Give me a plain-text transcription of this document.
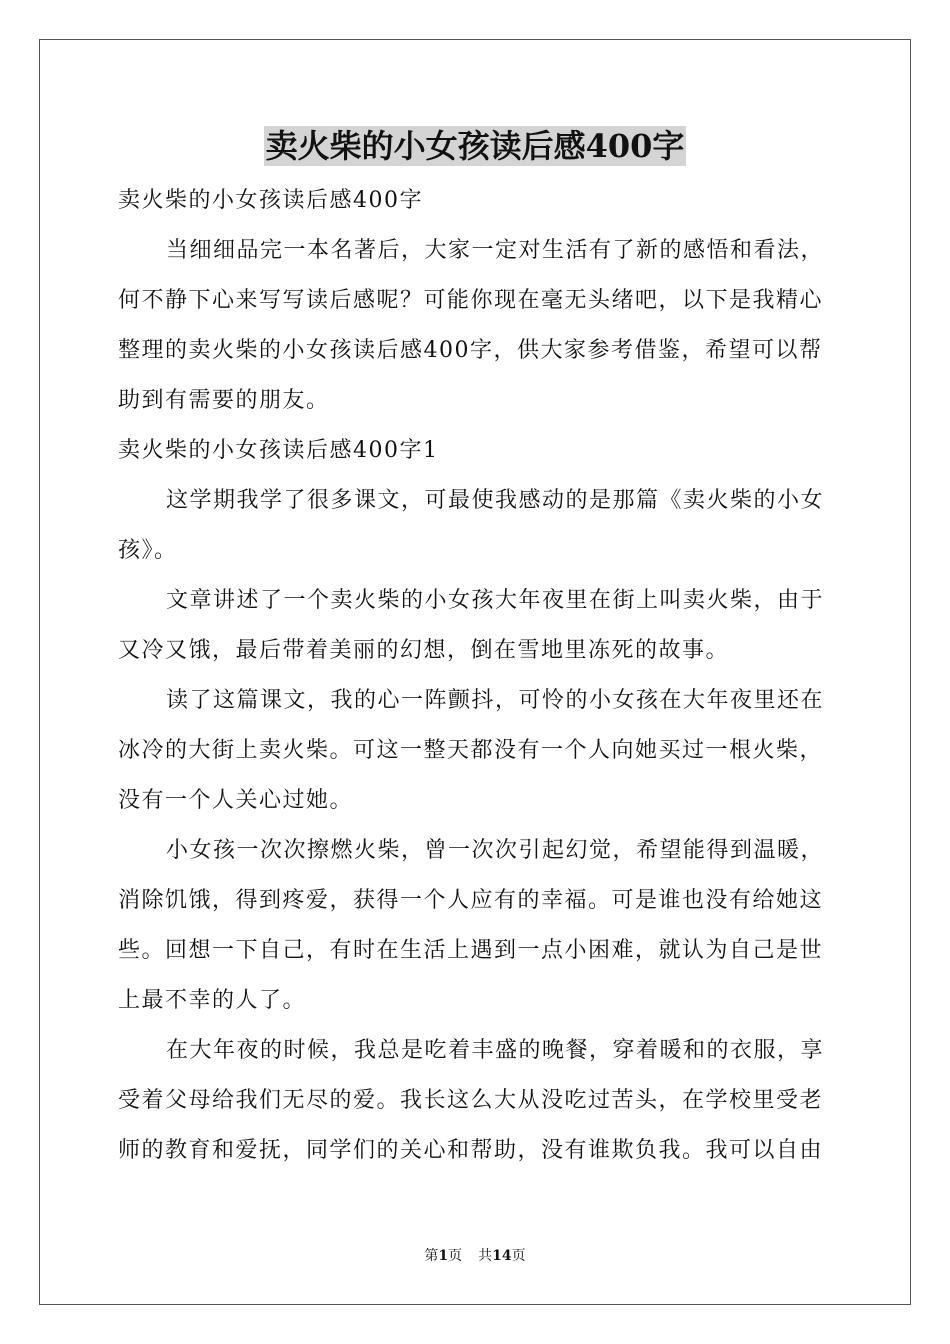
卖火柴的小女孩读后感400字
卖火柴的小女孩读后感400字
当细细品完一本名著后，大家一定对生活有了新的感悟和看法，
何不静下心来写写读后感呢？可能你现在毫无头绪吧，以下是我精心
整理的卖火柴的小女孩读后感400字，供大家参考借鉴，希望可以帮
助到有需要的朋友。
卖火柴的小女孩读后感400字1
这学期我学了很多课文，可最使我感动的是那篇《卖火柴的小女
孩》。
文章讲述了一个卖火柴的小女孩大年夜里在街上叫卖火柴，由于
又冷又饿，最后带着美丽的幻想，倒在雪地里冻死的故事。
读了这篇课文，我的心一阵颤抖，可怜的小女孩在大年夜里还在
冰冷的大街上卖火柴。可这一整天都没有一个人向她买过一根火柴，
没有一个人关心过她。
小女孩一次次擦燃火柴，曾一次次引起幻觉，希望能得到温暖，
消除饥饿，得到疼爱，获得一个人应有的幸福。可是谁也没有给她这
些。回想一下自己，有时在生活上遇到一点小困难，就认为自己是世
上最不幸的人了。
在大年夜的时候，我总是吃着丰盛的晚餐，穿着暖和的衣服，享
受着父母给我们无尽的爱。我长这么大从没吃过苦头，在学校里受老
师的教育和爱抚，同学们的关心和帮助，没有谁欺负我。我可以自由
第1页 共14页
